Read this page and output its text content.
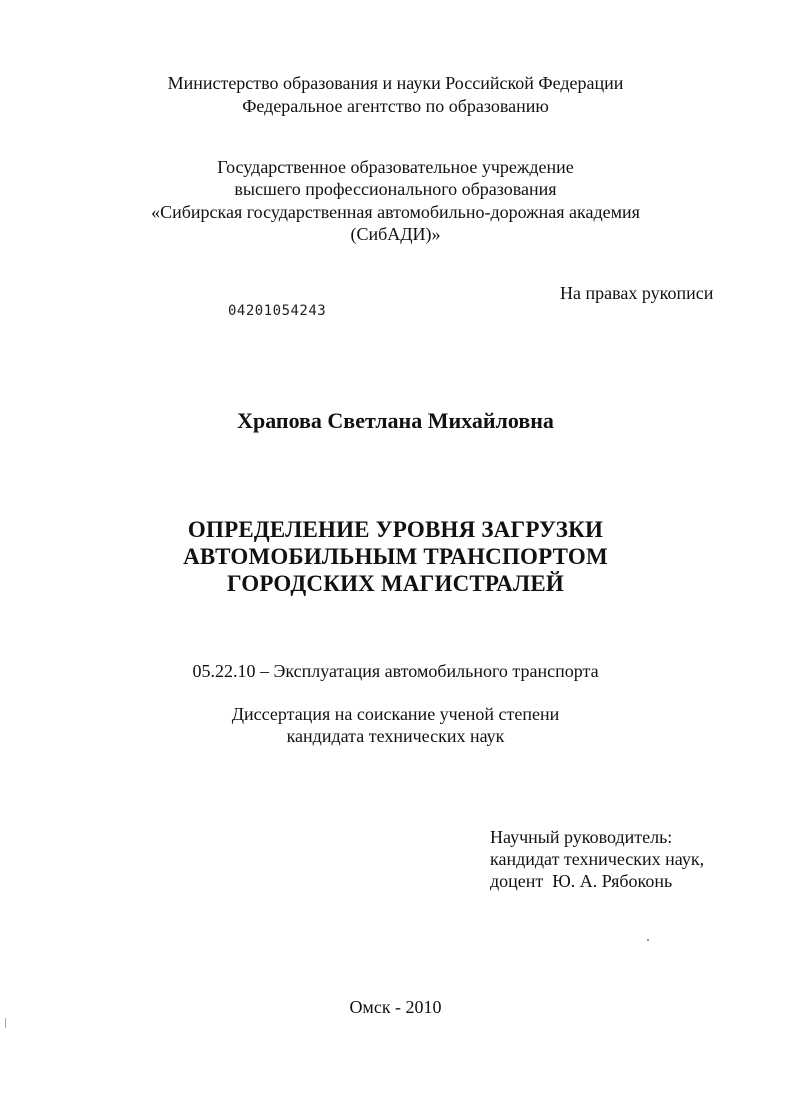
Министерство образования и науки Российской Федерации
Федеральное агентство по образованию
Государственное образовательное учреждение
высшего профессионального образования
«Сибирская государственная автомобильно-дорожная академия
(СибАДИ)»
На правах рукописи
04201054243
Храпова Светлана Михайловна
ОПРЕДЕЛЕНИЕ УРОВНЯ ЗАГРУЗКИ
АВТОМОБИЛЬНЫМ ТРАНСПОРТОМ
ГОРОДСКИХ МАГИСТРАЛЕЙ
05.22.10 – Эксплуатация автомобильного транспорта
Диссертация на соискание ученой степени
кандидата технических наук
Научный руководитель:
кандидат технических наук,
доцент  Ю. А. Рябоконь
Омск - 2010
